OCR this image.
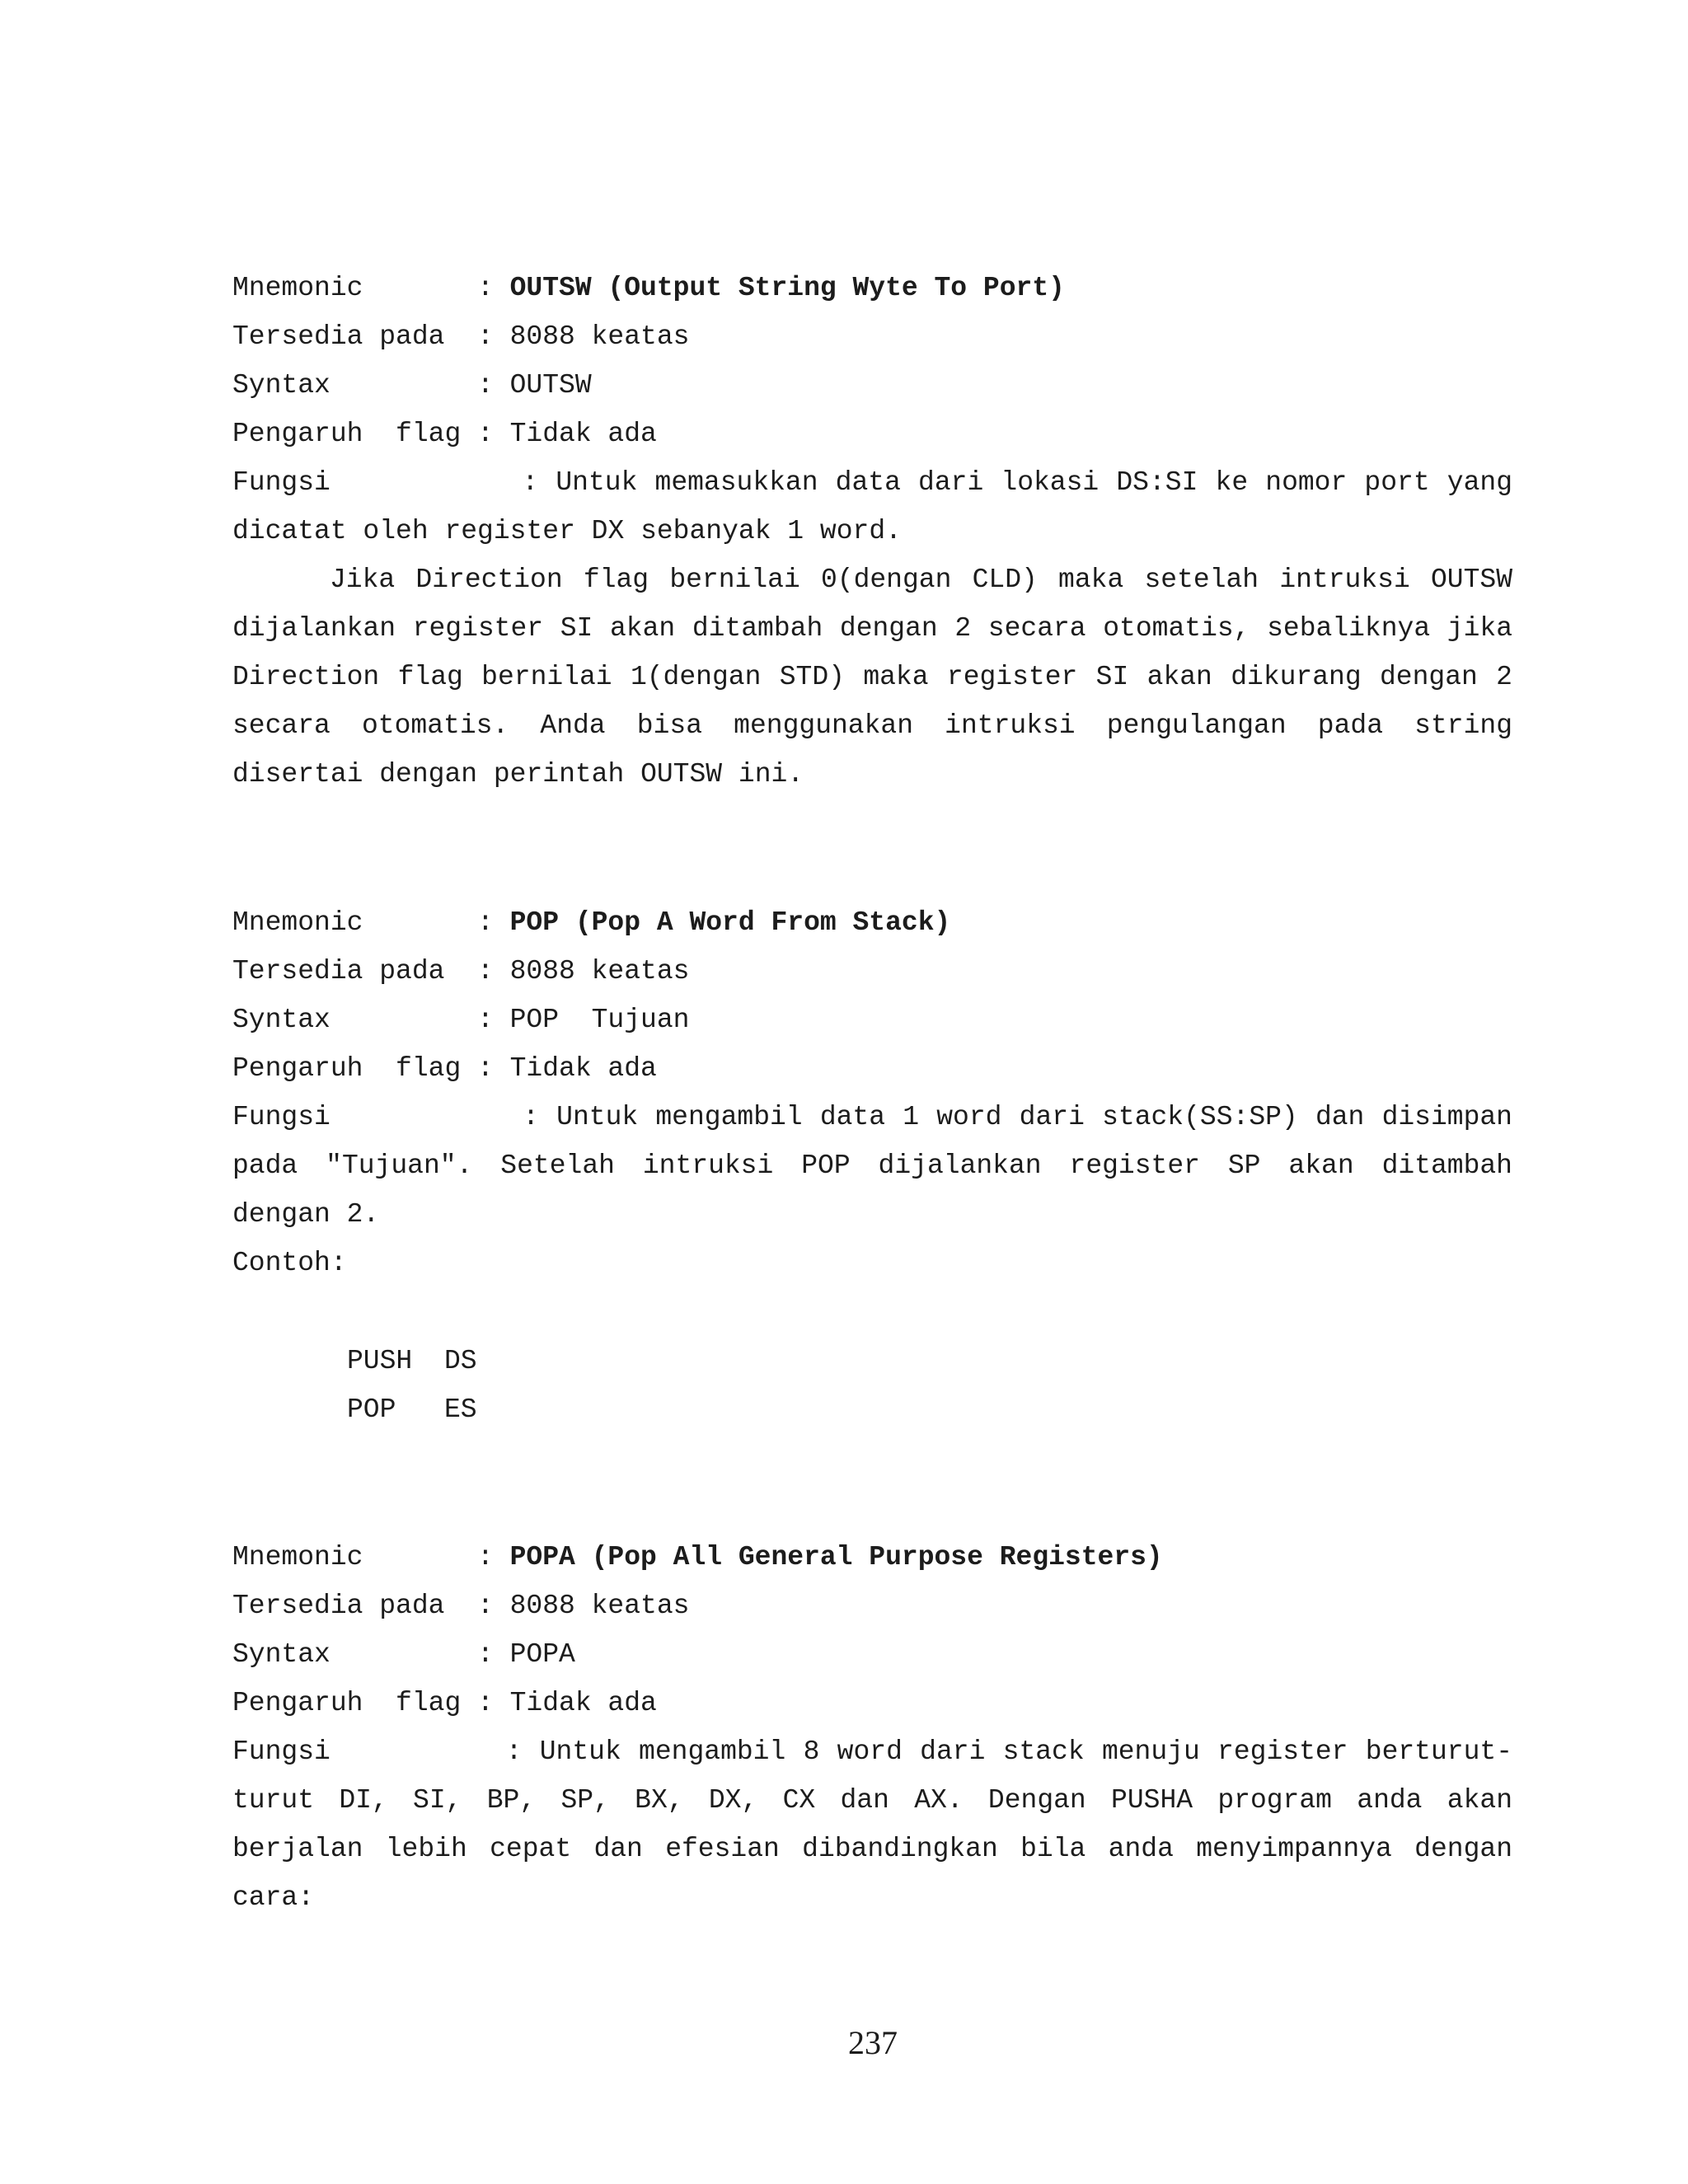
Mnemonic	: OUTSW (Output String Wyte To Port)
Tersedia pada : 8088 keatas
Syntax	: OUTSW
Pengaruh  flag : Tidak ada
Fungsi	: Untuk memasukkan data dari lokasi DS:SI ke nomor port yang
dicatat oleh register DX sebanyak 1 word.
Jika Direction flag bernilai 0(dengan CLD) maka setelah intruksi OUTSW
dijalankan register SI akan ditambah dengan 2 secara otomatis, sebaliknya jika
Direction flag bernilai 1(dengan STD) maka register SI akan dikurang dengan 2
secara otomatis. Anda bisa menggunakan intruksi pengulangan pada string
disertai dengan perintah OUTSW ini.
Mnemonic	: POP (Pop A Word From Stack)
Tersedia pada : 8088 keatas
Syntax	: POP  Tujuan
Pengaruh  flag : Tidak ada
Fungsi	: Untuk mengambil data 1 word dari stack(SS:SP) dan disimpan
pada "Tujuan". Setelah intruksi POP dijalankan register SP akan ditambah
dengan 2.
Contoh:
PUSH DS
POP ES
Mnemonic	: POPA (Pop All General Purpose Registers)
Tersedia pada : 8088 keatas
Syntax	: POPA
Pengaruh  flag : Tidak ada
Fungsi	: Untuk mengambil 8 word dari stack menuju register berturut-
turut DI, SI, BP, SP, BX, DX, CX dan AX. Dengan PUSHA program anda akan
berjalan lebih cepat dan efesian dibandingkan bila anda menyimpannya dengan
cara:
237
